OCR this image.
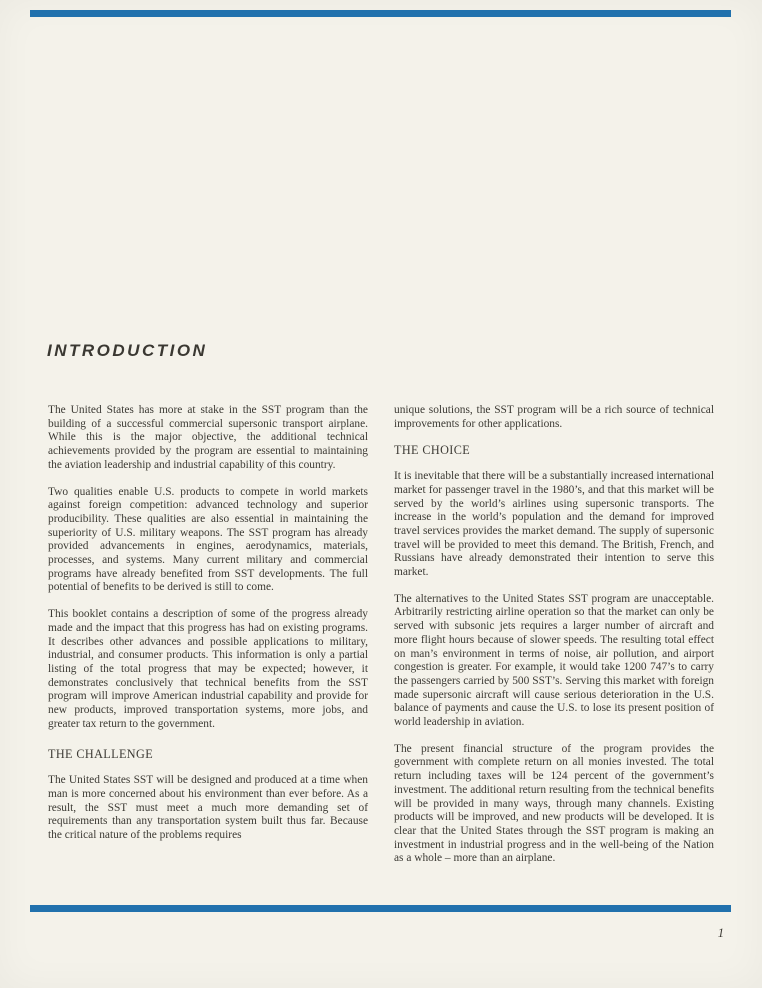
INTRODUCTION

The United States has more at stake in the SST program than the building of a successful commercial supersonic transport airplane. While this is the major objective, the additional technical achievements provided by the program are essential to maintaining the aviation leadership and industrial capability of this country.

Two qualities enable U.S. products to compete in world markets against foreign competition: advanced technology and superior producibility. These qualities are also essential in maintaining the superiority of U.S. military weapons. The SST program has already provided advancements in engines, aerodynamics, materials, processes, and systems. Many current military and commercial programs have already benefited from SST developments. The full potential of benefits to be derived is still to come.

This booklet contains a description of some of the progress already made and the impact that this progress has had on existing programs. It describes other advances and possible applications to military, industrial, and consumer products. This information is only a partial listing of the total progress that may be expected; however, it demonstrates conclusively that technical benefits from the SST program will improve American industrial capability and provide for new products, improved transportation systems, more jobs, and greater tax return to the government.

THE CHALLENGE

The United States SST will be designed and produced at a time when man is more concerned about his environment than ever before. As a result, the SST must meet a much more demanding set of requirements than any transportation system built thus far. Because the critical nature of the problems requires

unique solutions, the SST program will be a rich source of technical improvements for other applications.

THE CHOICE

It is inevitable that there will be a substantially increased international market for passenger travel in the 1980’s, and that this market will be served by the world’s airlines using supersonic transports. The increase in the world’s population and the demand for improved travel services provides the market demand. The supply of supersonic travel will be provided to meet this demand. The British, French, and Russians have already demonstrated their intention to serve this market.

The alternatives to the United States SST program are unacceptable. Arbitrarily restricting airline operation so that the market can only be served with subsonic jets requires a larger number of aircraft and more flight hours because of slower speeds. The resulting total effect on man’s environment in terms of noise, air pollution, and airport congestion is greater. For example, it would take 1200 747’s to carry the passengers carried by 500 SST’s. Serving this market with foreign made supersonic aircraft will cause serious deterioration in the U.S. balance of payments and cause the U.S. to lose its present position of world leadership in aviation.

The present financial structure of the program provides the government with complete return on all monies invested. The total return including taxes will be 124 percent of the government’s investment. The additional return resulting from the technical benefits will be provided in many ways, through many channels. Existing products will be improved, and new products will be developed. It is clear that the United States through the SST program is making an investment in industrial progress and in the well-being of the Nation as a whole – more than an airplane.

1
